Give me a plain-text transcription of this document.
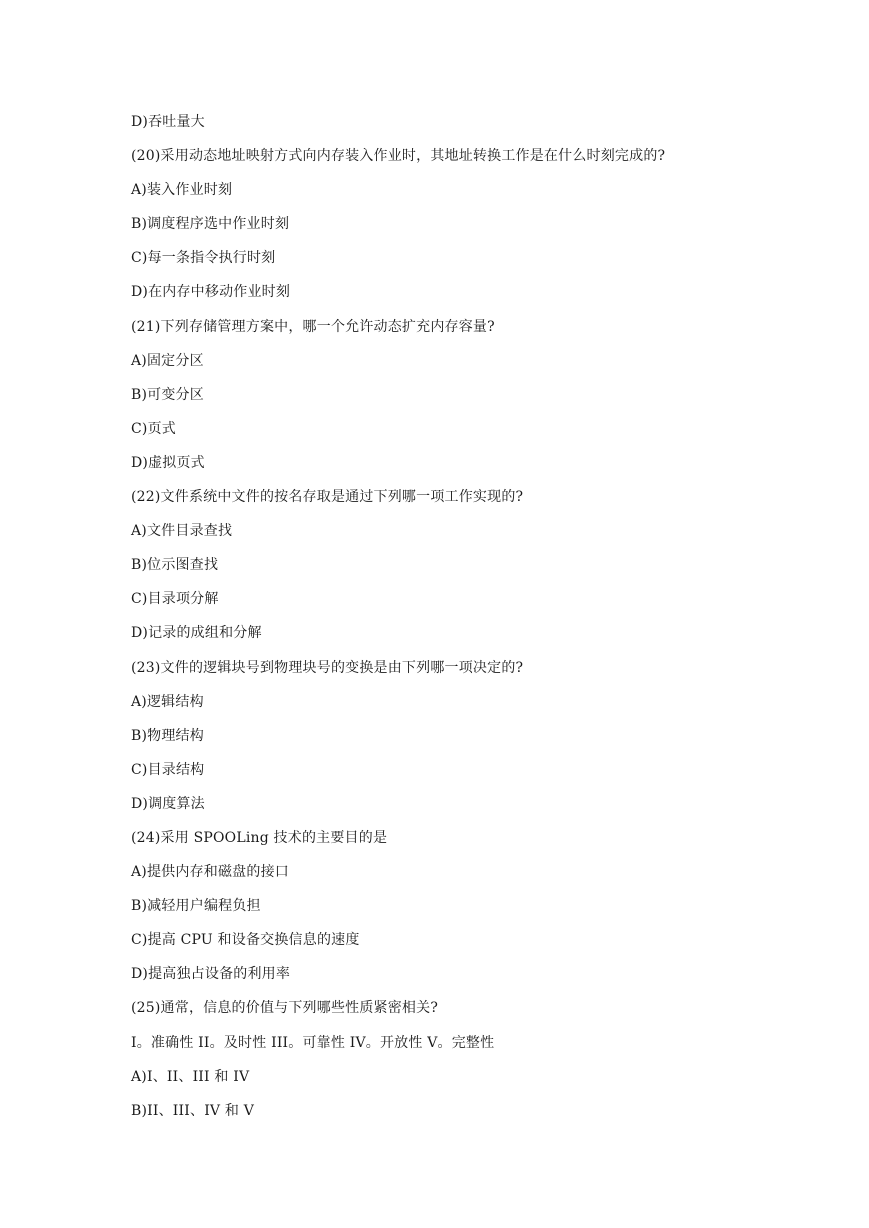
D)吞吐量大
(20)采用动态地址映射方式向内存装入作业时，其地址转换工作是在什么时刻完成的?
A)装入作业时刻
B)调度程序选中作业时刻
C)每一条指令执行时刻
D)在内存中移动作业时刻
(21)下列存储管理方案中，哪一个允许动态扩充内存容量?
A)固定分区
B)可变分区
C)页式
D)虚拟页式
(22)文件系统中文件的按名存取是通过下列哪一项工作实现的?
A)文件目录查找
B)位示图查找
C)目录项分解
D)记录的成组和分解
(23)文件的逻辑块号到物理块号的变换是由下列哪一项决定的?
A)逻辑结构
B)物理结构
C)目录结构
D)调度算法
(24)采用 SPOOLing 技术的主要目的是
A)提供内存和磁盘的接口
B)减轻用户编程负担
C)提高 CPU 和设备交换信息的速度
D)提高独占设备的利用率
(25)通常，信息的价值与下列哪些性质紧密相关?
I。准确性 II。及时性 III。可靠性 IV。开放性 V。完整性
A)I、II、III 和 IV
B)II、III、IV 和 V
